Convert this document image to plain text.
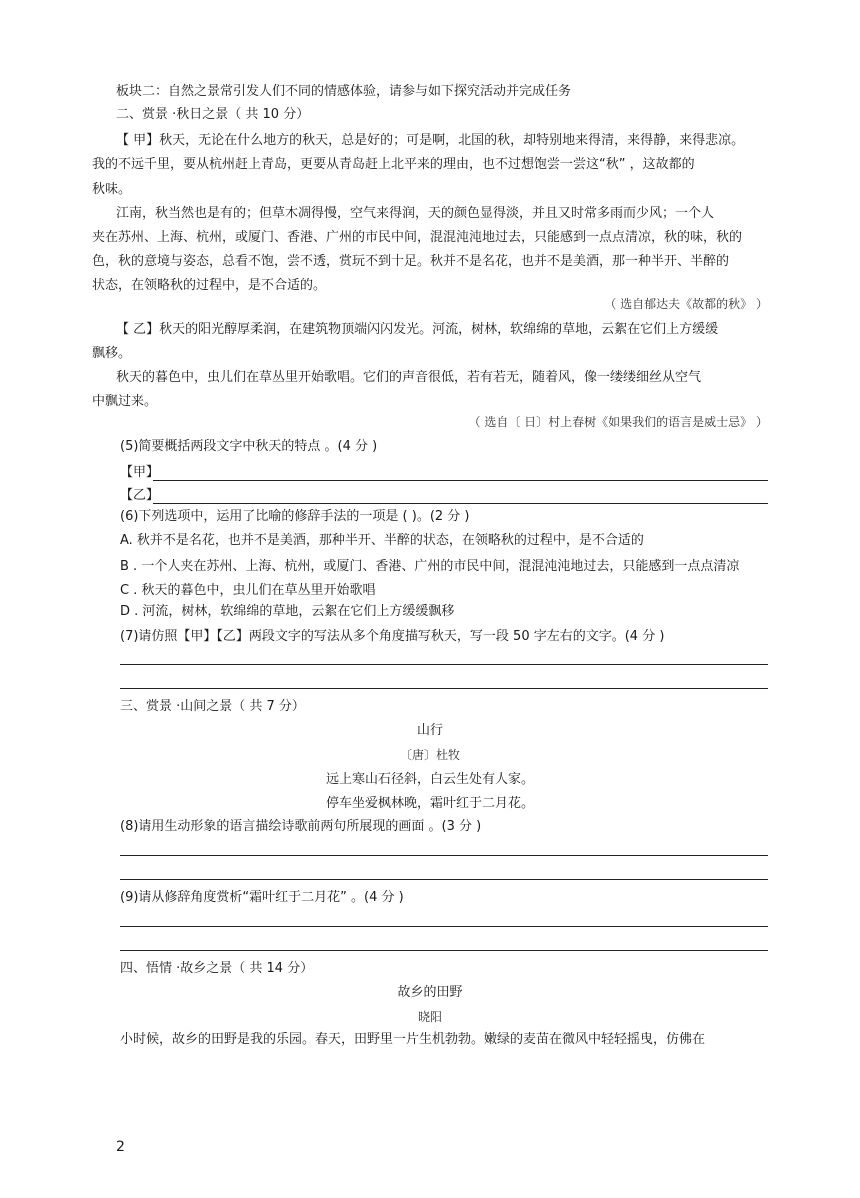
板块二：自然之景常引发人们不同的情感体验，请参与如下探究活动并完成任务
二、赏景 ·秋日之景（ 共 10 分）
【 甲】秋天，无论在什么地方的秋天，总是好的；可是啊，北国的秋，却特别地来得清，来得静，来得悲凉。
我的不远千里，要从杭州赶上青岛，更要从青岛赶上北平来的理由，也不过想饱尝一尝这“秋” ，这故都的
秋味。
江南，秋当然也是有的；但草木凋得慢，空气来得润，天的颜色显得淡，并且又时常多雨而少风；一个人
夹在苏州、上海、杭州，或厦门、香港、广州的市民中间，混混沌沌地过去，只能感到一点点清凉，秋的味，秋的
色，秋的意境与姿态，总看不饱，尝不透，赏玩不到十足。秋并不是名花，也并不是美酒，那一种半开、半醉的
状态，在领略秋的过程中，是不合适的。
（ 选自郁达夫《故都的秋》 ）
【 乙】秋天的阳光醇厚柔润，在建筑物顶端闪闪发光。河流，树林，软绵绵的草地，云絮在它们上方缓缓
飘移。
秋天的暮色中，虫儿们在草丛里开始歌唱。它们的声音很低，若有若无，随着风，像一缕缕细丝从空气
中飘过来。
（ 选自〔 日〕村上春树《如果我们的语言是威士忌》 ）
(5)简要概括两段文字中秋天的特点 。(4 分 )
【甲】
【乙】
(6)下列选项中，运用了比喻的修辞手法的一项是 ( )。(2 分 )
A. 秋并不是名花，也并不是美酒，那种半开、半醉的状态，在领略秋的过程中，是不合适的
B . 一个人夹在苏州、上海、杭州，或厦门、香港、广州的市民中间，混混沌沌地过去，只能感到一点点清凉
C . 秋天的暮色中，虫儿们在草丛里开始歌唱
D . 河流，树林，软绵绵的草地，云絮在它们上方缓缓飘移
(7)请仿照【甲】【乙】两段文字的写法从多个角度描写秋天，写一段 50 字左右的文字。(4 分 )
三、赏景 ·山间之景（ 共 7 分）
山行
〔唐〕杜牧
远上寒山石径斜，白云生处有人家。
停车坐爱枫林晚，霜叶红于二月花。
(8)请用生动形象的语言描绘诗歌前两句所展现的画面 。(3 分 )
(9)请从修辞角度赏析“霜叶红于二月花” 。(4 分 )
四、悟情 ·故乡之景（ 共 14 分）
故乡的田野
晓阳
小时候，故乡的田野是我的乐园。春天，田野里一片生机勃勃。嫩绿的麦苗在微风中轻轻摇曳，仿佛在
2
